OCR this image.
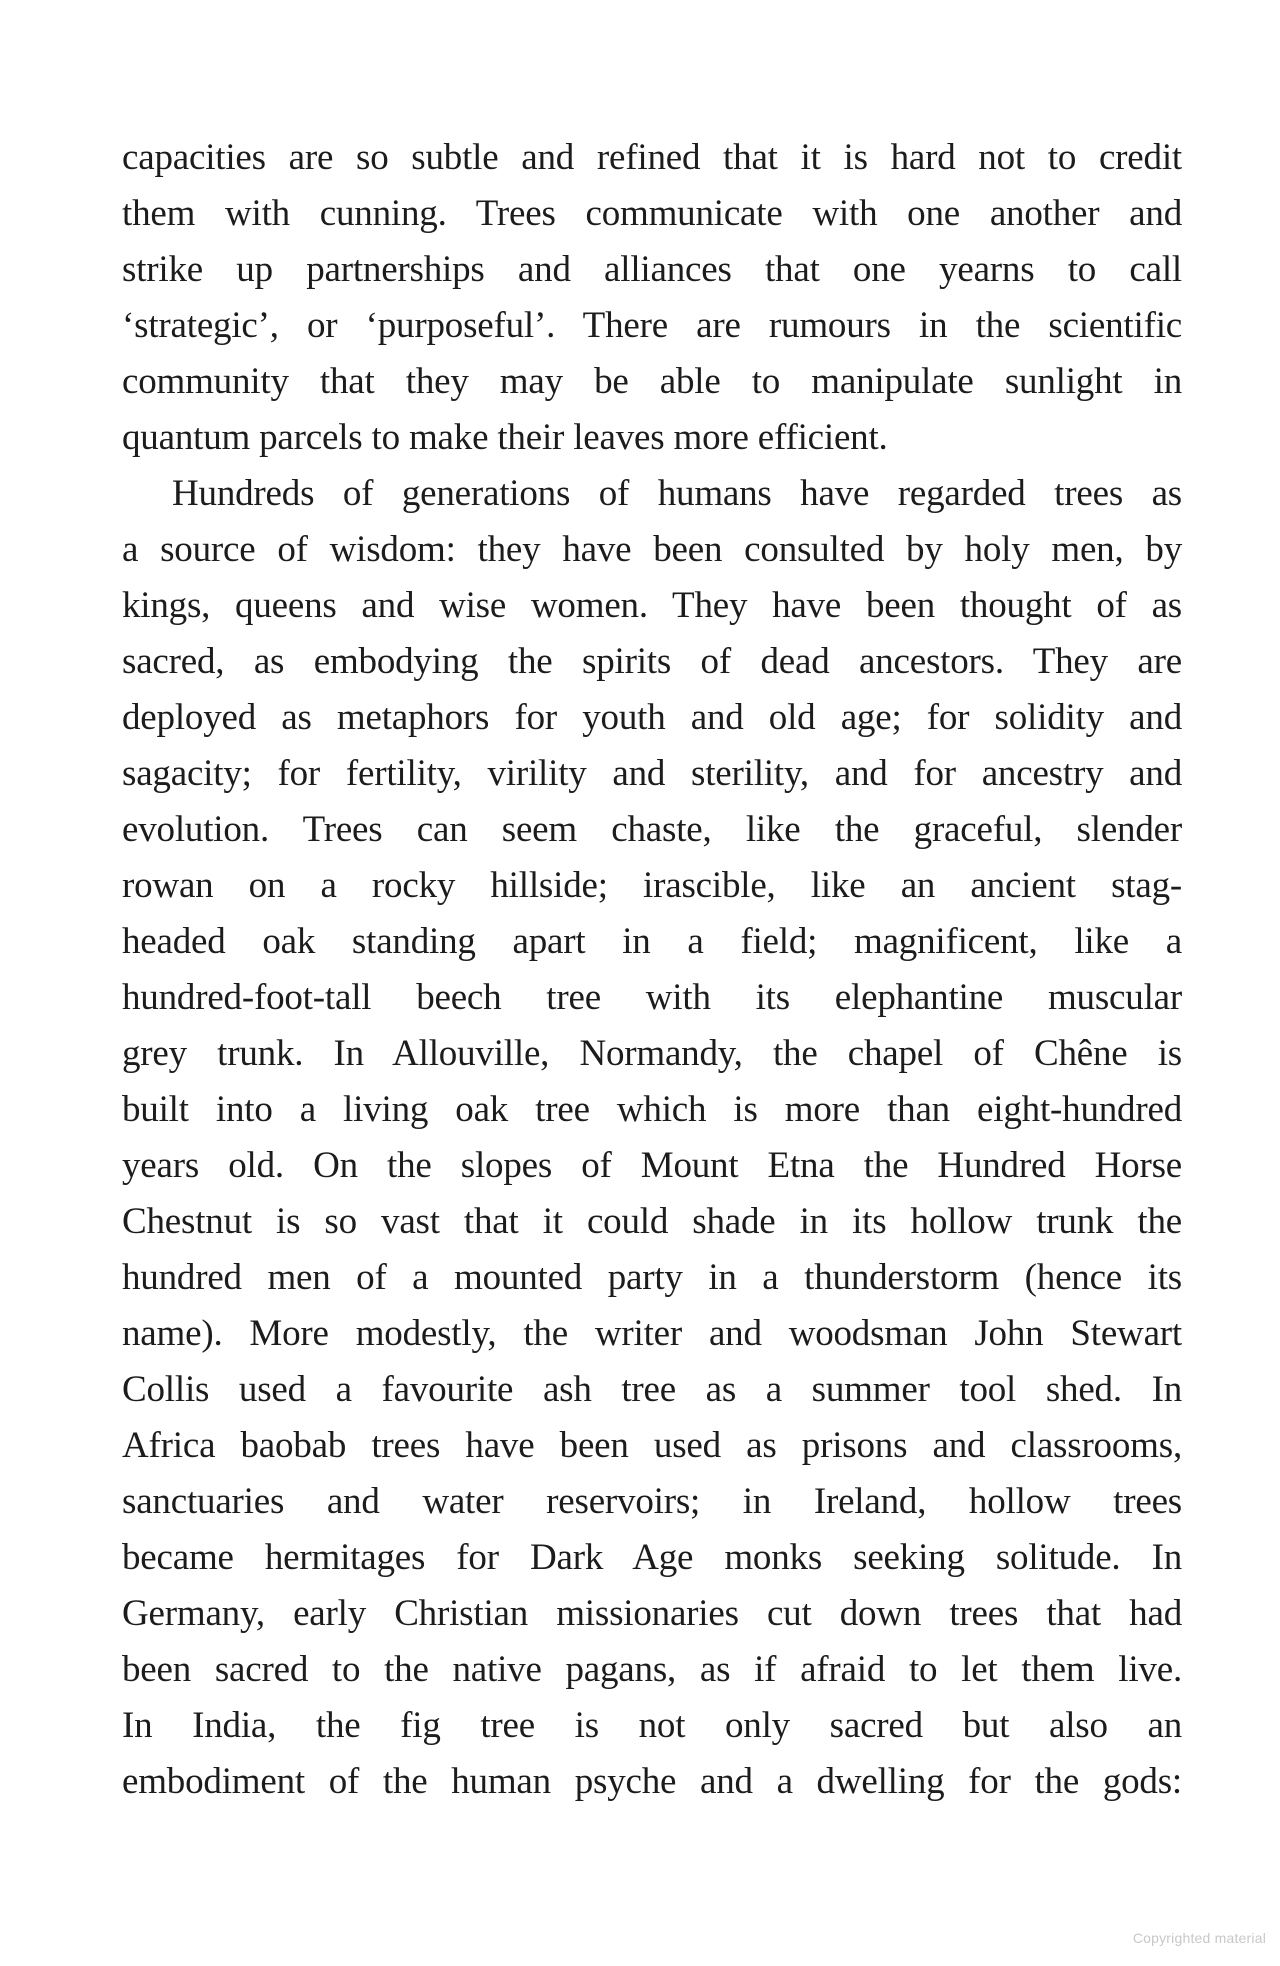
capacities are so subtle and refined that it is hard not to credit
them with cunning. Trees communicate with one another and
strike up partnerships and alliances that one yearns to call
‘strategic’, or ‘purposeful’. There are rumours in the scientific
community that they may be able to manipulate sunlight in
quantum parcels to make their leaves more efficient.
Hundreds of generations of humans have regarded trees as
a source of wisdom: they have been consulted by holy men, by
kings, queens and wise women. They have been thought of as
sacred, as embodying the spirits of dead ancestors. They are
deployed as metaphors for youth and old age; for solidity and
sagacity; for fertility, virility and sterility, and for ancestry and
evolution. Trees can seem chaste, like the graceful, slender
rowan on a rocky hillside; irascible, like an ancient stag-
headed oak standing apart in a field; magnificent, like a
hundred-foot-tall beech tree with its elephantine muscular
grey trunk. In Allouville, Normandy, the chapel of Chêne is
built into a living oak tree which is more than eight-hundred
years old. On the slopes of Mount Etna the Hundred Horse
Chestnut is so vast that it could shade in its hollow trunk the
hundred men of a mounted party in a thunderstorm (hence its
name). More modestly, the writer and woodsman John Stewart
Collis used a favourite ash tree as a summer tool shed. In
Africa baobab trees have been used as prisons and classrooms,
sanctuaries and water reservoirs; in Ireland, hollow trees
became hermitages for Dark Age monks seeking solitude. In
Germany, early Christian missionaries cut down trees that had
been sacred to the native pagans, as if afraid to let them live.
In India, the fig tree is not only sacred but also an
embodiment of the human psyche and a dwelling for the gods:
Copyrighted material
